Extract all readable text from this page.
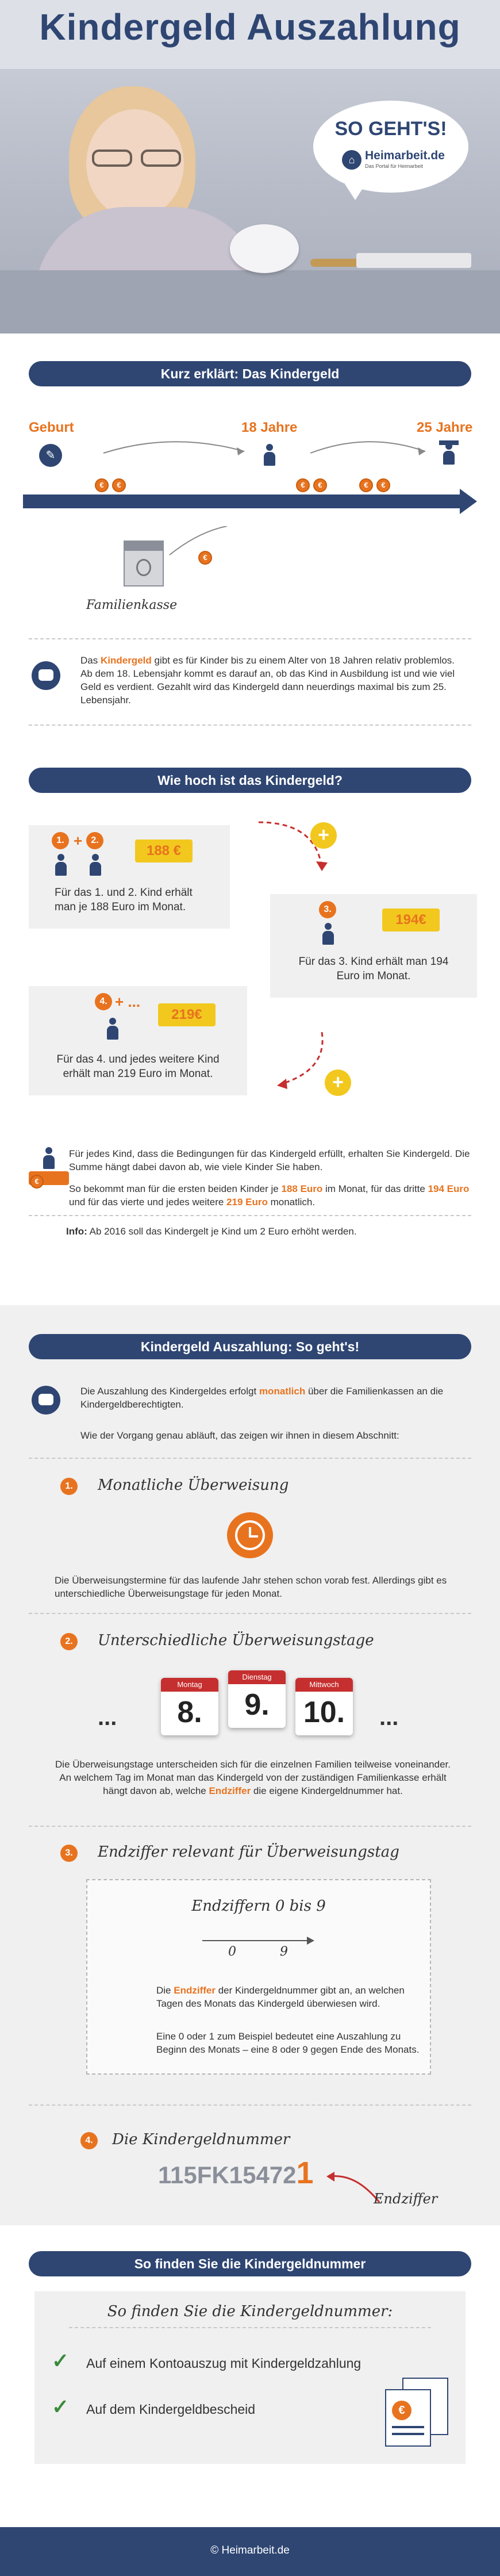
Kindergeld Auszahlung
SO GEHT'S!
⌂ Heimarbeit.de
Das Portal für Heimarbeit
Kurz erklärt: Das Kindergeld
Geburt	18 Jahre	25 Jahre
✎
€	€	€	€	€	€
€
Familienkasse
Das Kindergeld gibt es für Kinder bis zu einem Alter von 18 Jahren relativ problemlos. Ab dem 18. Lebensjahr kommt es darauf an, ob das Kind in Ausbildung ist und wie viel Geld es verdient. Gezahlt wird das Kindergeld dann neuerdings maximal bis zum 25. Lebensjahr.
Wie hoch ist das Kindergeld?
1. + 2.
188 €
Für das 1. und 2. Kind erhält man je 188 Euro im Monat.
+
3.
194€
Für das 3. Kind erhält man 194 Euro im Monat.
4. + ...
219€
Für das 4. und jedes weitere Kind erhält man 219 Euro im Monat.	+
€
Für jedes Kind, dass die Bedingungen für das Kindergeld erfüllt, erhalten Sie Kindergeld. Die Summe hängt dabei davon ab, wie viele Kinder Sie haben.
So bekommt man für die ersten beiden Kinder je 188 Euro im Monat, für das dritte 194 Euro und für das vierte und jedes weitere 219 Euro monatlich.
Info: Ab 2016 soll das Kindergelt je Kind um 2 Euro erhöht werden.
Kindergeld Auszahlung: So geht's!
Die Auszahlung des Kindergeldes erfolgt monatlich über die Familienkassen an die Kindergeldberechtigten.
Wie der Vorgang genau abläuft, das zeigen wir ihnen in diesem Abschnitt:
1.	Monatliche Überweisung
Die Überweisungstermine für das laufende Jahr stehen schon vorab fest. Allerdings gibt es unterschiedliche Überweisungstage für jeden Monat.
2.	Unterschiedliche Überweisungstage
...
Montag
8.
Dienstag
9.
Mittwoch
10.	...
Die Überweisungstage unterscheiden sich für die einzelnen Familien teilweise voneinander. An welchem Tag im Monat man das Kindergeld von der zuständigen Familienkasse erhält hängt davon ab, welche Endziffer die eigene Kindergeldnummer hat.
3.	Endziffer relevant für Überweisungstag
Endziffern 0 bis 9
0	9
Die Endziffer der Kindergeldnummer gibt an, an welchen Tagen des Monats das Kindergeld überwiesen wird.
Eine 0 oder 1 zum Beispiel bedeutet eine Auszahlung zu Beginn des Monats – eine 8 oder 9 gegen Ende des Monats.
4.	Die Kindergeldnummer
115FK154721
Endziffer
So finden Sie die Kindergeldnummer
So finden Sie die Kindergeldnummer:
✓ Auf einem Kontoauszug mit Kindergeldzahlung
✓ Auf dem Kindergeldbescheid	€
© Heimarbeit.de
